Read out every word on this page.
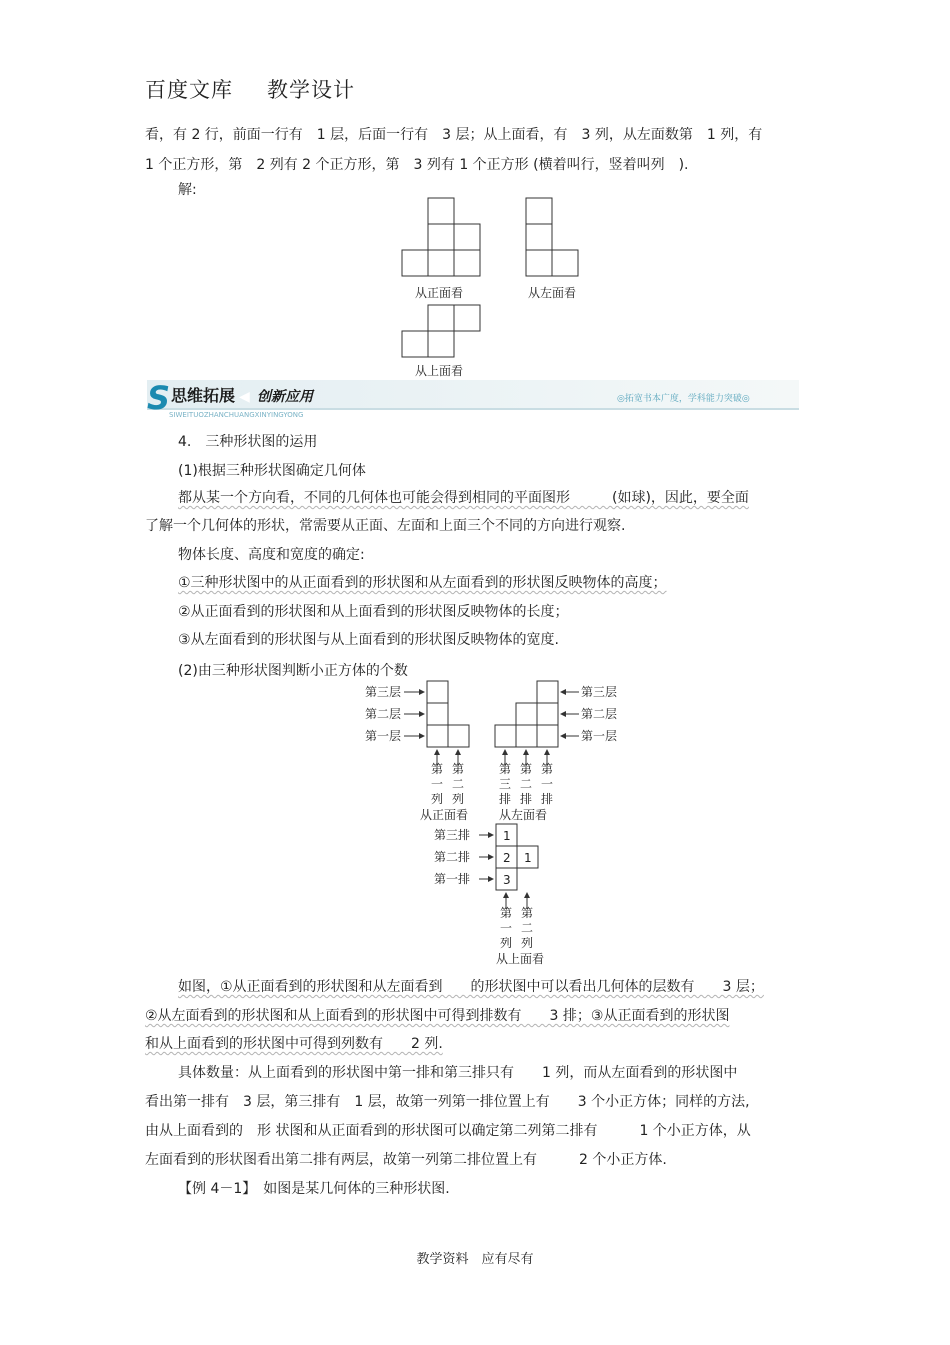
百度文库 教学设计
看，有 2 行，前面一行有　1 层，后面一行有　3 层；从上面看，有　3 列，从左面数第　1 列，有
1 个正方形，第　2 列有 2 个正方形，第　3 列有 1 个正方形 (横着叫行，竖着叫列　).
解:
从正面看	从左面看
从上面看
S 思维拓展 ◀ 创新应用
SIWEITUOZHANCHUANGXINYINGYONG
◎拓宽书本广度，学科能力突破◎
4.　三种形状图的运用
(1)根据三种形状图确定几何体
都从某一个方向看，不同的几何体也可能会得到相同的平面图形　　　(如球)，因此，要全面
了解一个几何体的形状，常需要从正面、左面和上面三个不同的方向进行观察.
物体长度、高度和宽度的确定:
①三种形状图中的从正面看到的形状图和从左面看到的形状图反映物体的高度；
②从正面看到的形状图和从上面看到的形状图反映物体的长度；
③从左面看到的形状图与从上面看到的形状图反映物体的宽度.
(2)由三种形状图判断小正方体的个数
第三层
第二层
第一层
第
一
列
第
二
列
从正面看
第三层
第二层
第一层
第
三
排
第
二
排
第
一
排
从左面看
1
2 1
3
第三排
第二排
第一排
第
一
列
第
二
列
从上面看
如图，①从正面看到的形状图和从左面看到　　的形状图中可以看出几何体的层数有　　3 层；
②从左面看到的形状图和从上面看到的形状图中可得到排数有　　3 排；③从正面看到的形状图
和从上面看到的形状图中可得到列数有　　2 列.
具体数量：从上面看到的形状图中第一排和第三排只有　　1 列，而从左面看到的形状图中
看出第一排有　3 层，第三排有　1 层，故第一列第一排位置上有　　3 个小正方体；同样的方法,
由从上面看到的　形 状图和从正面看到的形状图可以确定第二列第二排有　　　1 个小正方体，从
左面看到的形状图看出第二排有两层，故第一列第二排位置上有　　　2 个小正方体.
【例 4－1】　如图是某几何体的三种形状图.
教学资料　应有尽有
